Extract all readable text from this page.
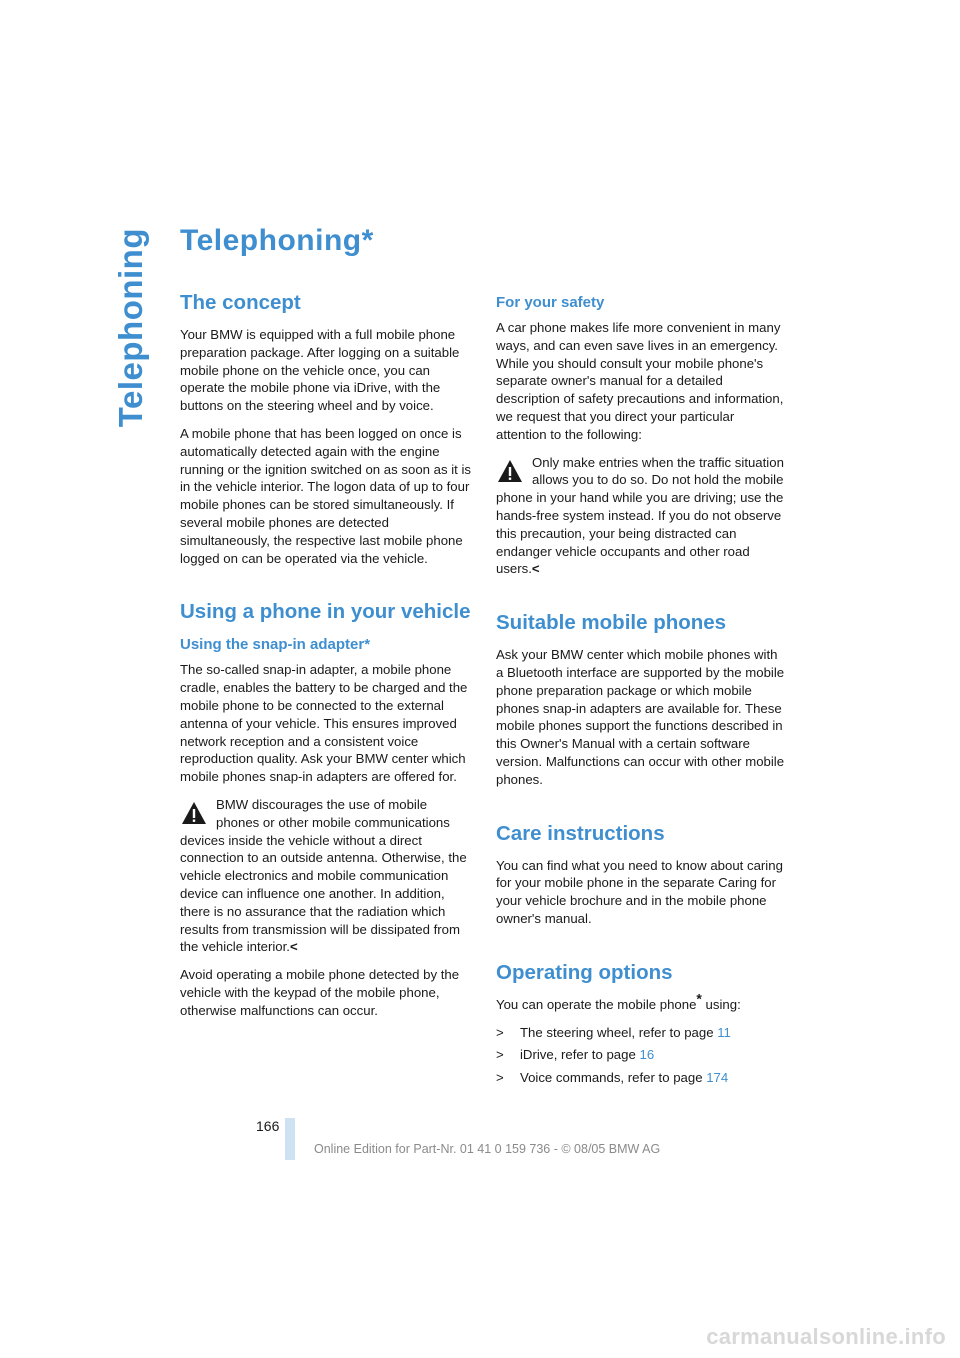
Telephoning Telephoning*
The concept

Your BMW is equipped with a full mobile phone preparation package. After logging on a suitable mobile phone on the vehicle once, you can operate the mobile phone via iDrive, with the buttons on the steering wheel and by voice.

A mobile phone that has been logged on once is automatically detected again with the engine running or the ignition switched on as soon as it is in the vehicle interior. The logon data of up to four mobile phones can be stored simultaneously. If several mobile phones are detected simultaneously, the respective last mobile phone logged on can be operated via the vehicle.

Using a phone in your vehicle
Using the snap-in adapter*

The so-called snap-in adapter, a mobile phone cradle, enables the battery to be charged and the mobile phone to be connected to the external antenna of your vehicle. This ensures improved network reception and a consistent voice reproduction quality. Ask your BMW center which mobile phones snap-in adapters are offered for.

BMW discourages the use of mobile phones or other mobile communications devices inside the vehicle without a direct connection to an outside antenna. Otherwise, the vehicle electronics and mobile communication device can influence one another. In addition, there is no assurance that the radiation which results from transmission will be dissipated from the vehicle interior.<

Avoid operating a mobile phone detected by the vehicle with the keypad of the mobile phone, otherwise malfunctions can occur.

For your safety

A car phone makes life more convenient in many ways, and can even save lives in an emergency. While you should consult your mobile phone's separate owner's manual for a detailed description of safety precautions and information, we request that you direct your particular attention to the following:

Only make entries when the traffic situation allows you to do so. Do not hold the mobile phone in your hand while you are driving; use the hands-free system instead. If you do not observe this precaution, your being distracted can endanger vehicle occupants and other road users.<
Suitable mobile phones

Ask your BMW center which mobile phones with a Bluetooth interface are supported by the mobile phone preparation package or which mobile phones snap-in adapters are available for. These mobile phones support the functions described in this Owner's Manual with a certain software version. Malfunctions can occur with other mobile phones.

Care instructions

You can find what you need to know about caring for your mobile phone in the separate Caring for your vehicle brochure and in the mobile phone owner's manual.

Operating options

You can operate the mobile phone* using:

> The steering wheel, refer to page 11
> iDrive, refer to page 16
> Voice commands, refer to page 174
166
Online Edition for Part-Nr. 01 41 0 159 736 - © 08/05 BMW AG
carmanualsonline.info
